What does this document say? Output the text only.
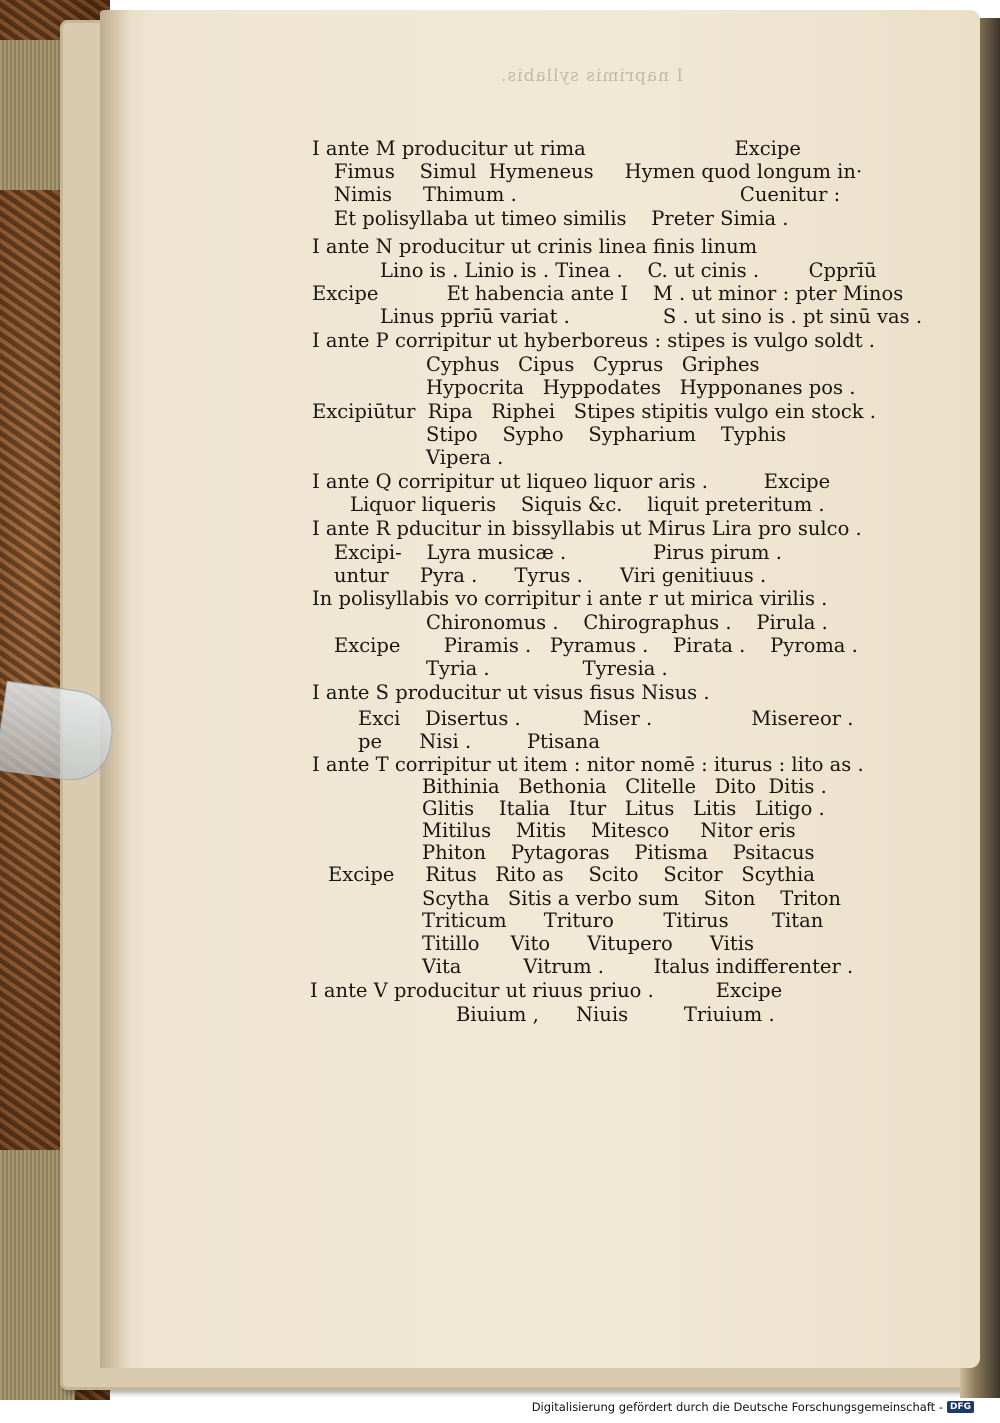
I naprimis syllabis.
I ante M producitur ut rima                        Excipe
Fimus    Simul  Hymeneus     Hymen quod longum in·
Nimis     Thimum .                                    Cuenitur :
Et polisyllaba ut timeo similis    Preter Simia .
I ante N producitur ut crinis linea finis linum
Lino is . Linio is . Tinea .    C. ut cinis .        Cpprīū
Excipe           Et habencia ante I    M . ut minor : pter Minos
Linus pprīū variat .               S . ut sino is . pt sinū vas .
I ante P corripitur ut hyberboreus : stipes is vulgo soldt .
Cyphus   Cipus   Cyprus   Griphes
Hypocrita   Hyppodates   Hypponanes pos .
Excipiūtur  Ripa   Riphei   Stipes stipitis vulgo ein stock .
Stipo    Sypho    Sypharium    Typhis
Vipera .
I ante Q corripitur ut liqueo liquor aris .         Excipe
Liquor liqueris    Siquis &c.    liquit preteritum .
I ante R pducitur in bissyllabis ut Mirus Lira pro sulco .
Excipi-    Lyra musicæ .              Pirus pirum .
untur     Pyra .      Tyrus .      Viri genitiuus .
In polisyllabis vo corripitur i ante r ut mirica virilis .
Chironomus .    Chirographus .    Pirula .
Excipe       Piramis .   Pyramus .    Pirata .    Pyroma .
Tyria .               Tyresia .
I ante S producitur ut visus fisus Nisus .
Exci    Disertus .          Miser .                Misereor .
pe      Nisi .         Ptisana
I ante T corripitur ut item : nitor nomē : iturus : lito as .
Bithinia   Bethonia   Clitelle   Dito  Ditis .
Glitis    Italia   Itur   Litus   Litis   Litigo .
Mitilus    Mitis    Mitesco     Nitor eris
Phiton    Pytagoras    Pitisma    Psitacus
Excipe     Ritus   Rito as    Scito    Scitor   Scythia
Scytha   Sitis a verbo sum    Siton    Triton
Triticum      Trituro        Titirus       Titan
Titillo     Vito      Vitupero      Vitis
Vita          Vitrum .        Italus indifferenter .
I ante V producitur ut riuus priuo .          Excipe
Biuium ,      Niuis         Triuium .
Digitalisierung gefördert durch die Deutsche Forschungsgemeinschaft - DFG
